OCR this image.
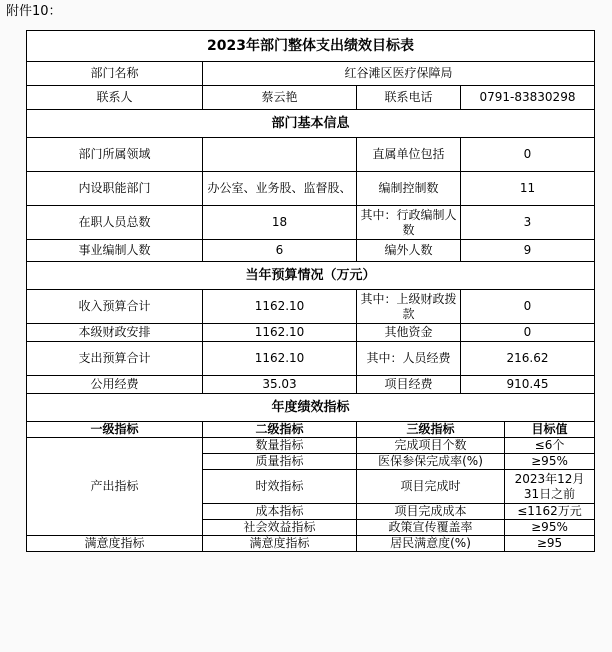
附件10：
2023年部门整体支出绩效目标表				
部门名称	红谷滩区医疗保障局			
联系人	蔡云艳	联系电话	0791-83830298	
部门基本信息				
部门所属领域		直属单位包括	0	
内设职能部门	办公室、业务股、监督股、	编制控制数	11	
在职人员总数	18	其中：行政编制人数	3	
事业编制人数	6	编外人数	9	
当年预算情况（万元）				
收入预算合计	1162.10	其中：上级财政拨款	0	
本级财政安排	1162.10	其他资金	0	
支出预算合计	1162.10	其中：人员经费	216.62	
公用经费	35.03	项目经费	910.45	
年度绩效指标				
一级指标	二级指标	三级指标		目标值
产出指标	数量指标	完成项目个数		≤6个
	质量指标	医保参保完成率(%)		≥95%
	时效指标	项目完成时		2023年12月31日之前
	成本指标	项目完成成本		≤1162万元
	社会效益指标	政策宣传覆盖率		≥95%
满意度指标	满意度指标	居民满意度(%)		≥95
